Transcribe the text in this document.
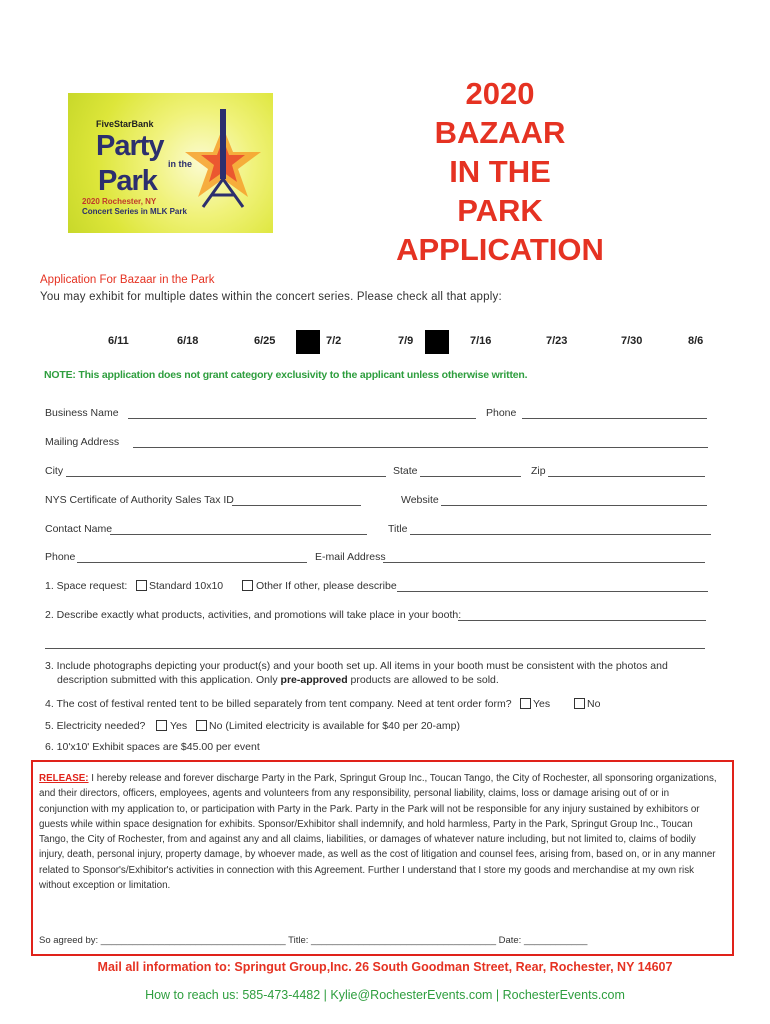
FiveStarBank
Party
Park
in the
2020 Rochester, NY
Concert Series in MLK Park
2020
BAZAAR
IN THE
PARK
APPLICATION
Application For Bazaar in the Park
You may exhibit for multiple dates within the concert series. Please check all that apply:
6/11	6/18	6/25	7/2	7/9	7/16	7/23	7/30	8/6
NOTE: This application does not grant category exclusivity to the applicant unless otherwise written.
Business Name	Phone
Mailing Address
City	State	Zip
NYS Certificate of Authority Sales Tax ID	Website
Contact Name	Title
Phone	E-mail Address
1. Space request: Standard 10x10	Other If other, please describe
2. Describe exactly what products, activities, and promotions will take place in your booth:
3. Include photographs depicting your product(s) and your booth set up. All items in your booth must be consistent with the photos and
description submitted with this application. Only pre-approved products are allowed to be sold.
4. The cost of festival rented tent to be billed separately from tent company. Need at tent order form? Yes	No
5. Electricity needed? Yes No (Limited electricity is available for $40 per 20-amp)
6. 10'x10' Exhibit spaces are $45.00 per event
RELEASE: I hereby release and forever discharge Party in the Park, Springut Group Inc., Toucan Tango, the City of Rochester, all sponsoring organizations, and their directors, officers, employees, agents and volunteers from any responsibility, personal liability, claims, loss or damage arising out of or in conjunction with my application to, or participation with Party in the Park. Party in the Park will not be responsible for any injury sustained by exhibitors or guests while within space designation for exhibits. Sponsor/Exhibitor shall indemnify, and hold harmless, Party in the Park, Springut Group Inc., Toucan Tango, the City of Rochester, from and against any and all claims, liabilities, or damages of whatever nature including, but not limited to, claims of bodily injury, death, personal injury, property damage, by whoever made, as well as the cost of litigation and counsel fees, arising from, based on, or in any manner related to Sponsor's/Exhibitor's activities in connection with this Agreement. Further I understand that I store my goods and merchandise at my own risk without exception or limitation.
So agreed by: ___________________________________ Title: ___________________________________ Date: ____________
Mail all information to: Springut Group,Inc. 26 South Goodman Street, Rear, Rochester, NY 14607
How to reach us: 585-473-4482 | Kylie@RochesterEvents.com | RochesterEvents.com
